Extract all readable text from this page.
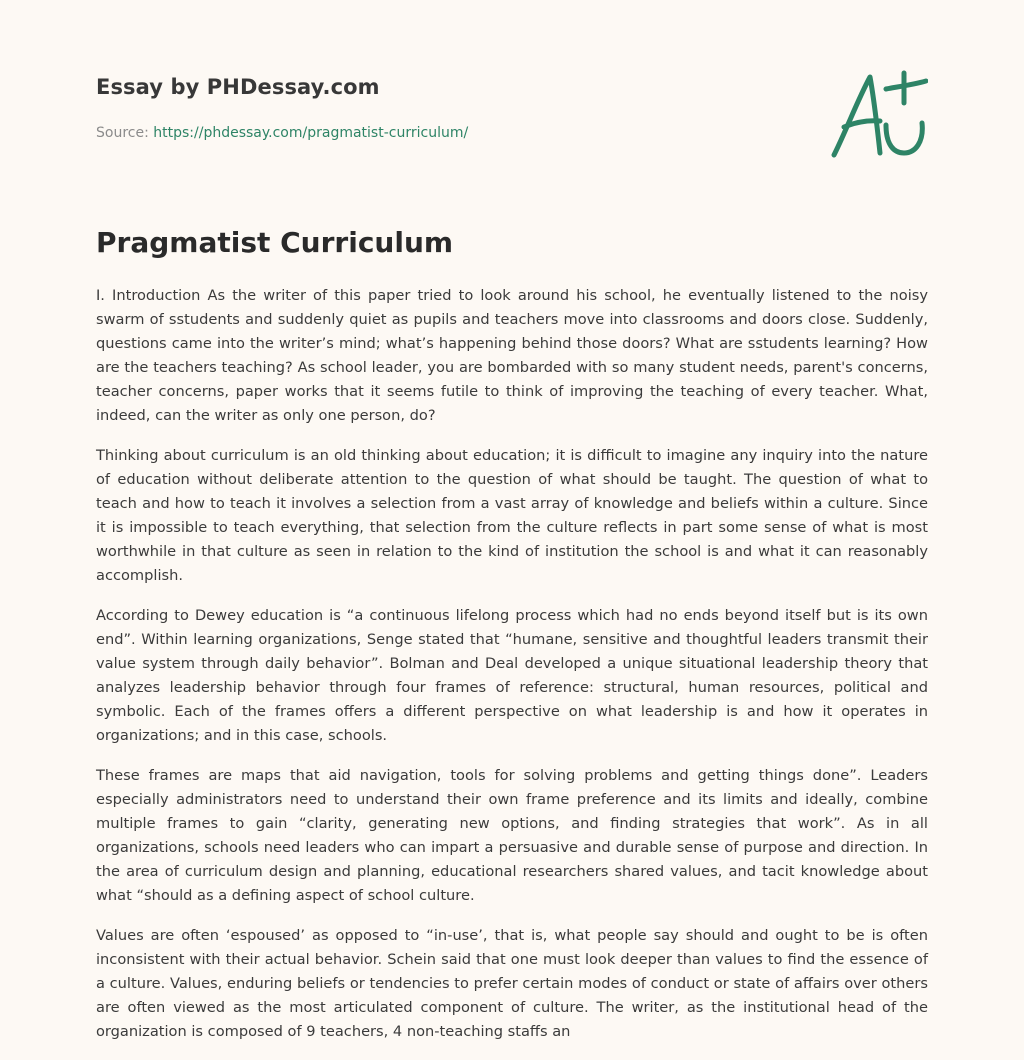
Essay by PHDessay.com
Source: https://phdessay.com/pragmatist-curriculum/
Pragmatist Curriculum

I. Introduction As the writer of this paper tried to look around his school, he eventually listened to the noisy swarm of sstudents and suddenly quiet as pupils and teachers move into classrooms and doors close. Suddenly, questions came into the writer’s mind; what’s happening behind those doors? What are sstudents learning? How are the teachers teaching? As school leader, you are bombarded with so many student needs, parent's concerns, teacher concerns, paper works that it seems futile to think of improving the teaching of every teacher. What, indeed, can the writer as only one person, do?

Thinking about curriculum is an old thinking about education; it is difficult to imagine any inquiry into the nature of education without deliberate attention to the question of what should be taught. The question of what to teach and how to teach it involves a selection from a vast array of knowledge and beliefs within a culture. Since it is impossible to teach everything, that selection from the culture reflects in part some sense of what is most worthwhile in that culture as seen in relation to the kind of institution the school is and what it can reasonably accomplish.

According to Dewey education is “a continuous lifelong process which had no ends beyond itself but is its own end”. Within learning organizations, Senge stated that “humane, sensitive and thoughtful leaders transmit their value system through daily behavior”. Bolman and Deal developed a unique situational leadership theory that analyzes leadership behavior through four frames of reference: structural, human resources, political and symbolic. Each of the frames offers a different perspective on what leadership is and how it operates in organizations; and in this case, schools.

These frames are maps that aid navigation, tools for solving problems and getting things done”. Leaders especially administrators need to understand their own frame preference and its limits and ideally, combine multiple frames to gain “clarity, generating new options, and finding strategies that work”. As in all organizations, schools need leaders who can impart a persuasive and durable sense of purpose and direction. In the area of curriculum design and planning, educational researchers shared values, and tacit knowledge about what “should as a defining aspect of school culture.

Values are often ‘espoused’ as opposed to “in-use’, that is, what people say should and ought to be is often inconsistent with their actual behavior. Schein said that one must look deeper than values to find the essence of a culture. Values, enduring beliefs or tendencies to prefer certain modes of conduct or state of affairs over others are often viewed as the most articulated component of culture. The writer, as the institutional head of the organization is composed of 9 teachers, 4 non-teaching staffs an
